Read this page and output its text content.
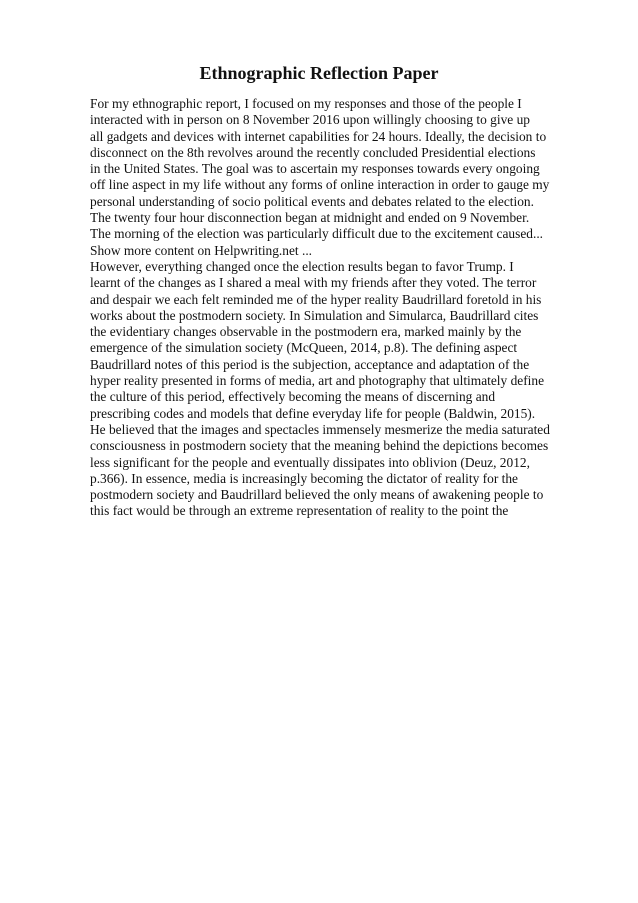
Ethnographic Reflection Paper
For my ethnographic report, I focused on my responses and those of the people I
interacted with in person on 8 November 2016 upon willingly choosing to give up
all gadgets and devices with internet capabilities for 24 hours. Ideally, the decision to
disconnect on the 8th revolves around the recently concluded Presidential elections
in the United States. The goal was to ascertain my responses towards every ongoing
off line aspect in my life without any forms of online interaction in order to gauge my
personal understanding of socio political events and debates related to the election.
The twenty four hour disconnection began at midnight and ended on 9 November.
The morning of the election was particularly difficult due to the excitement caused...
Show more content on Helpwriting.net ...
However, everything changed once the election results began to favor Trump. I
learnt of the changes as I shared a meal with my friends after they voted. The terror
and despair we each felt reminded me of the hyper reality Baudrillard foretold in his
works about the postmodern society. In Simulation and Simularca, Baudrillard cites
the evidentiary changes observable in the postmodern era, marked mainly by the
emergence of the simulation society (McQueen, 2014, p.8). The defining aspect
Baudrillard notes of this period is the subjection, acceptance and adaptation of the
hyper reality presented in forms of media, art and photography that ultimately define
the culture of this period, effectively becoming the means of discerning and
prescribing codes and models that define everyday life for people (Baldwin, 2015).
He believed that the images and spectacles immensely mesmerize the media saturated
consciousness in postmodern society that the meaning behind the depictions becomes
less significant for the people and eventually dissipates into oblivion (Deuz, 2012,
p.366). In essence, media is increasingly becoming the dictator of reality for the
postmodern society and Baudrillard believed the only means of awakening people to
this fact would be through an extreme representation of reality to the point the
